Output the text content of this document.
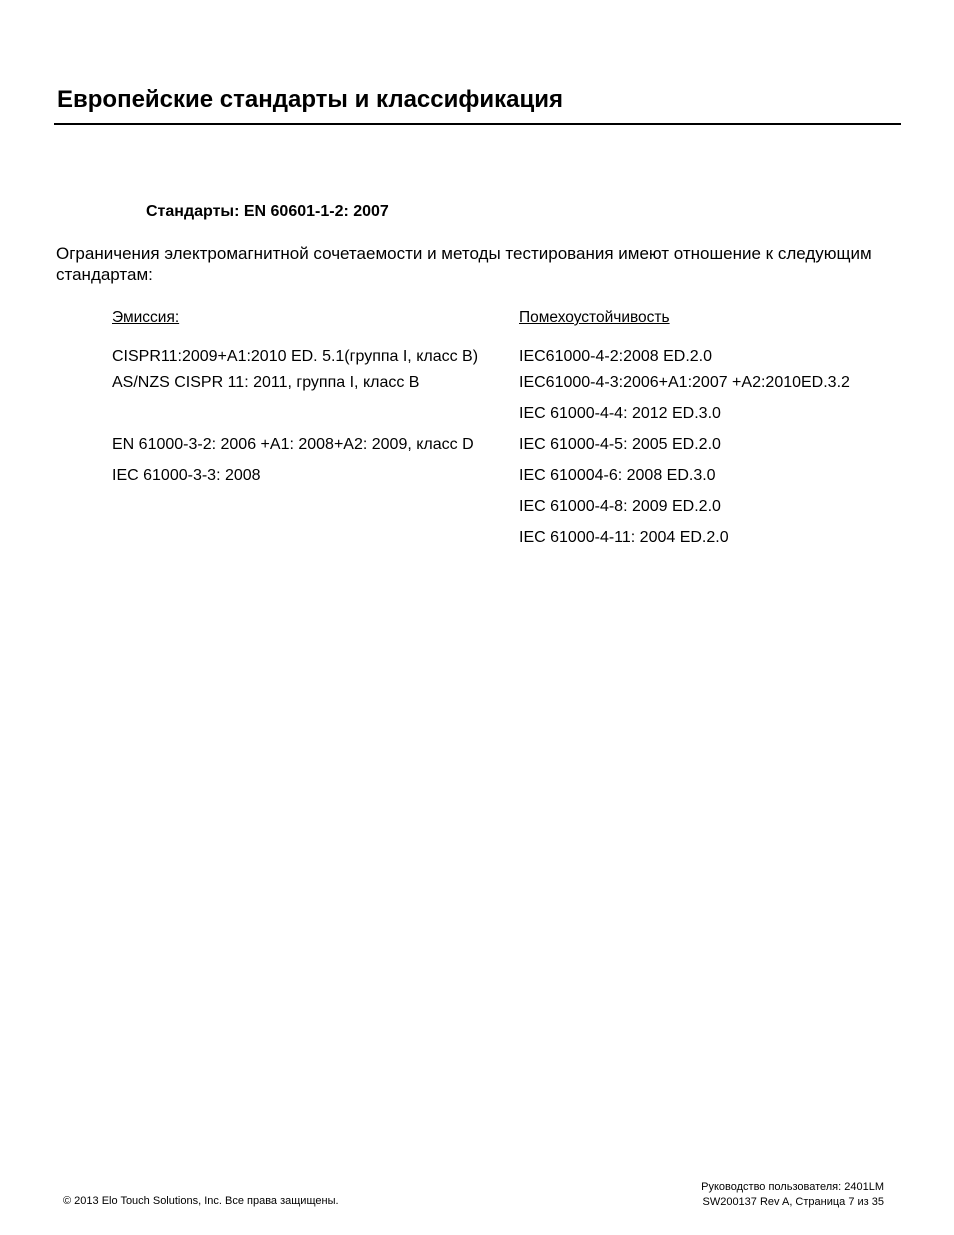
Европейские стандарты и классификация
Стандарты: EN 60601-1-2: 2007
Ограничения электромагнитной сочетаемости и методы тестирования имеют отношение к следующим стандартам:
Эмиссия:	Помехоустойчивость
CISPR11:2009+A1:2010 ED. 5.1(группа I, класс B)
AS/NZS CISPR 11: 2011, группа I, класс B
EN 61000-3-2: 2006 +A1: 2008+A2: 2009, класс D
IEC 61000-3-3: 2008
IEC61000-4-2:2008 ED.2.0
IEC61000-4-3:2006+A1:2007 +A2:2010ED.3.2
IEC 61000-4-4: 2012 ED.3.0
IEC 61000-4-5: 2005 ED.2.0
IEC 610004-6: 2008 ED.3.0
IEC 61000-4-8: 2009 ED.2.0
IEC 61000-4-11: 2004 ED.2.0
© 2013 Elo Touch Solutions, Inc. Все права защищены.
Руководство пользователя: 2401LM
SW200137 Rev A, Страница 7 из 35
